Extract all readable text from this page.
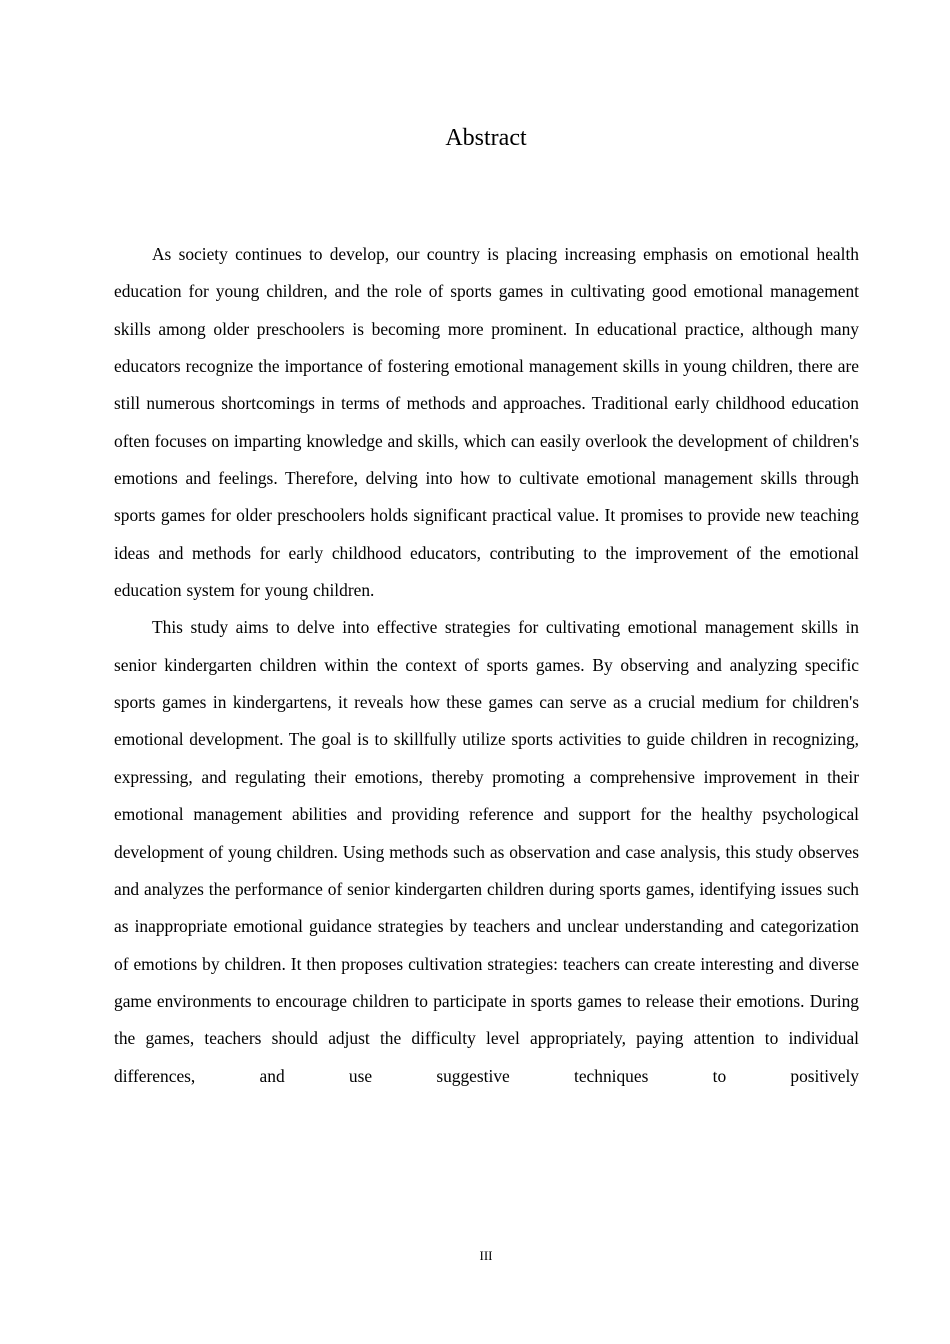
Abstract

As society continues to develop, our country is placing increasing emphasis on emotional health education for young children, and the role of sports games in cultivating good emotional management skills among older preschoolers is becoming more prominent. In educational practice, although many educators recognize the importance of fostering emotional management skills in young children, there are still numerous shortcomings in terms of methods and approaches. Traditional early childhood education often focuses on imparting knowledge and skills, which can easily overlook the development of children's emotions and feelings. Therefore, delving into how to cultivate emotional management skills through sports games for older preschoolers holds significant practical value. It promises to provide new teaching ideas and methods for early childhood educators, contributing to the improvement of the emotional education system for young children.

This study aims to delve into effective strategies for cultivating emotional management skills in senior kindergarten children within the context of sports games. By observing and analyzing specific sports games in kindergartens, it reveals how these games can serve as a crucial medium for children's emotional development. The goal is to skillfully utilize sports activities to guide children in recognizing, expressing, and regulating their emotions, thereby promoting a comprehensive improvement in their emotional management abilities and providing reference and support for the healthy psychological development of young children. Using methods such as observation and case analysis, this study observes and analyzes the performance of senior kindergarten children during sports games, identifying issues such as inappropriate emotional guidance strategies by teachers and unclear understanding and categorization of emotions by children. It then proposes cultivation strategies: teachers can create interesting and diverse game environments to encourage children to participate in sports games to release their emotions. During the games, teachers should adjust the difficulty level appropriately, paying attention to individual differences, and use suggestive techniques to positively

III
